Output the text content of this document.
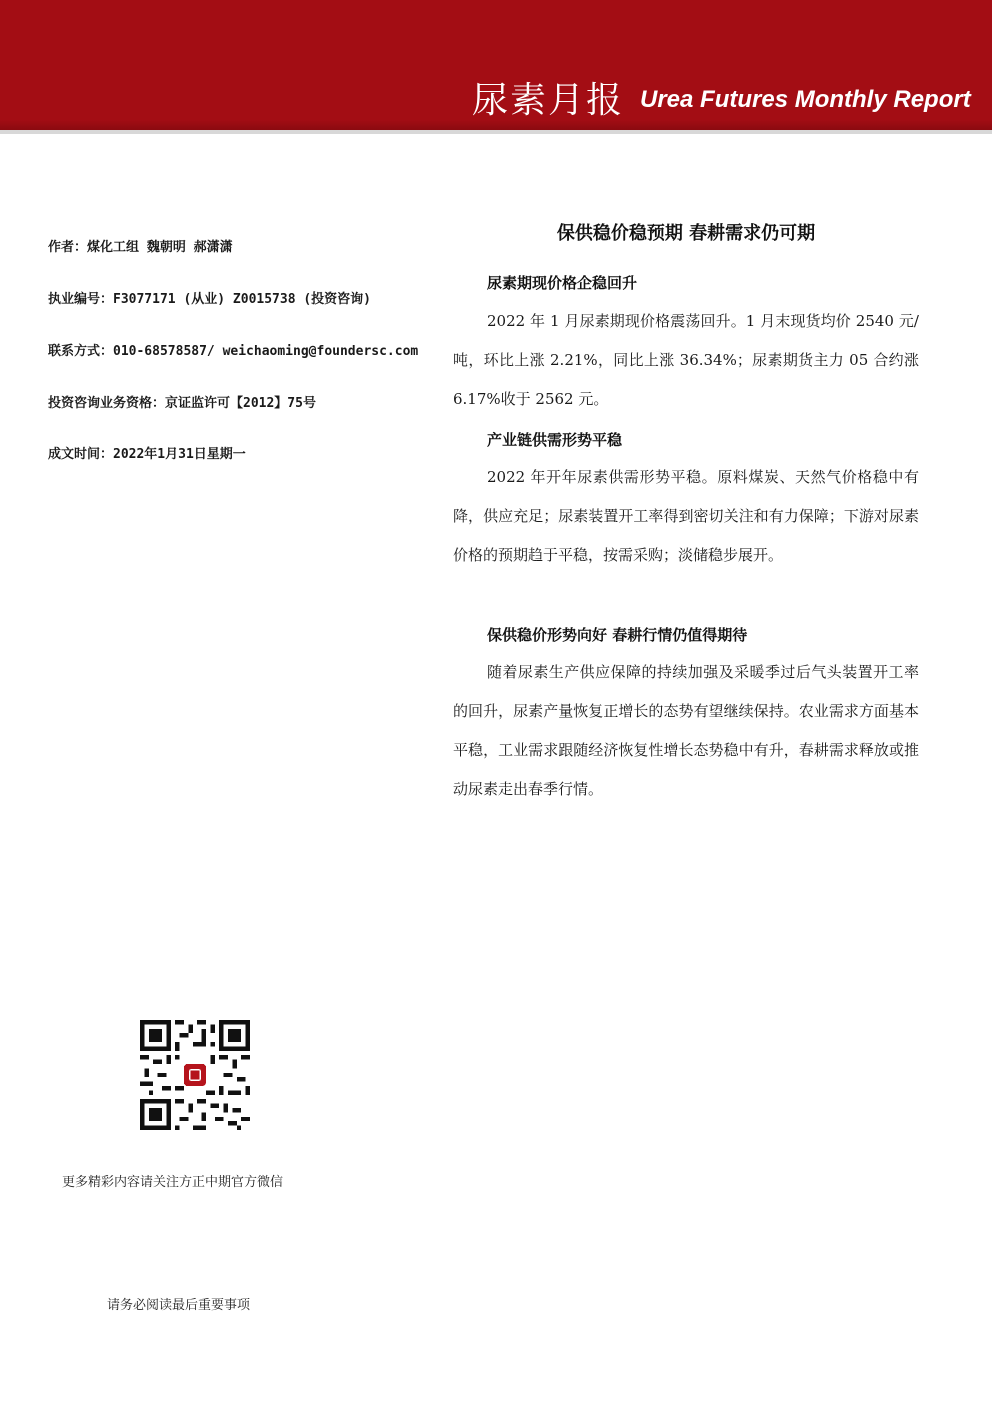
尿素月报 Urea Futures Monthly Report
作者：煤化工组 魏朝明 郝潇潇
执业编号：F3077171 (从业) Z0015738 (投资咨询)
联系方式：010-68578587/ weichaoming@foundersc.com
投资咨询业务资格：京证监许可【2012】75号
成文时间：2022年1月31日星期一
保供稳价稳预期 春耕需求仍可期
尿素期现价格企稳回升
2022 年 1 月尿素期现价格震荡回升。1 月末现货均价 2540 元/吨，环比上涨 2.21%，同比上涨 36.34%；尿素期货主力 05 合约涨 6.17%收于 2562 元。
产业链供需形势平稳
2022 年开年尿素供需形势平稳。原料煤炭、天然气价格稳中有降，供应充足；尿素装置开工率得到密切关注和有力保障；下游对尿素价格的预期趋于平稳，按需采购；淡储稳步展开。
保供稳价形势向好 春耕行情仍值得期待
随着尿素生产供应保障的持续加强及采暖季过后气头装置开工率的回升，尿素产量恢复正增长的态势有望继续保持。农业需求方面基本平稳，工业需求跟随经济恢复性增长态势稳中有升，春耕需求释放或推动尿素走出春季行情。
更多精彩内容请关注方正中期官方微信
请务必阅读最后重要事项
